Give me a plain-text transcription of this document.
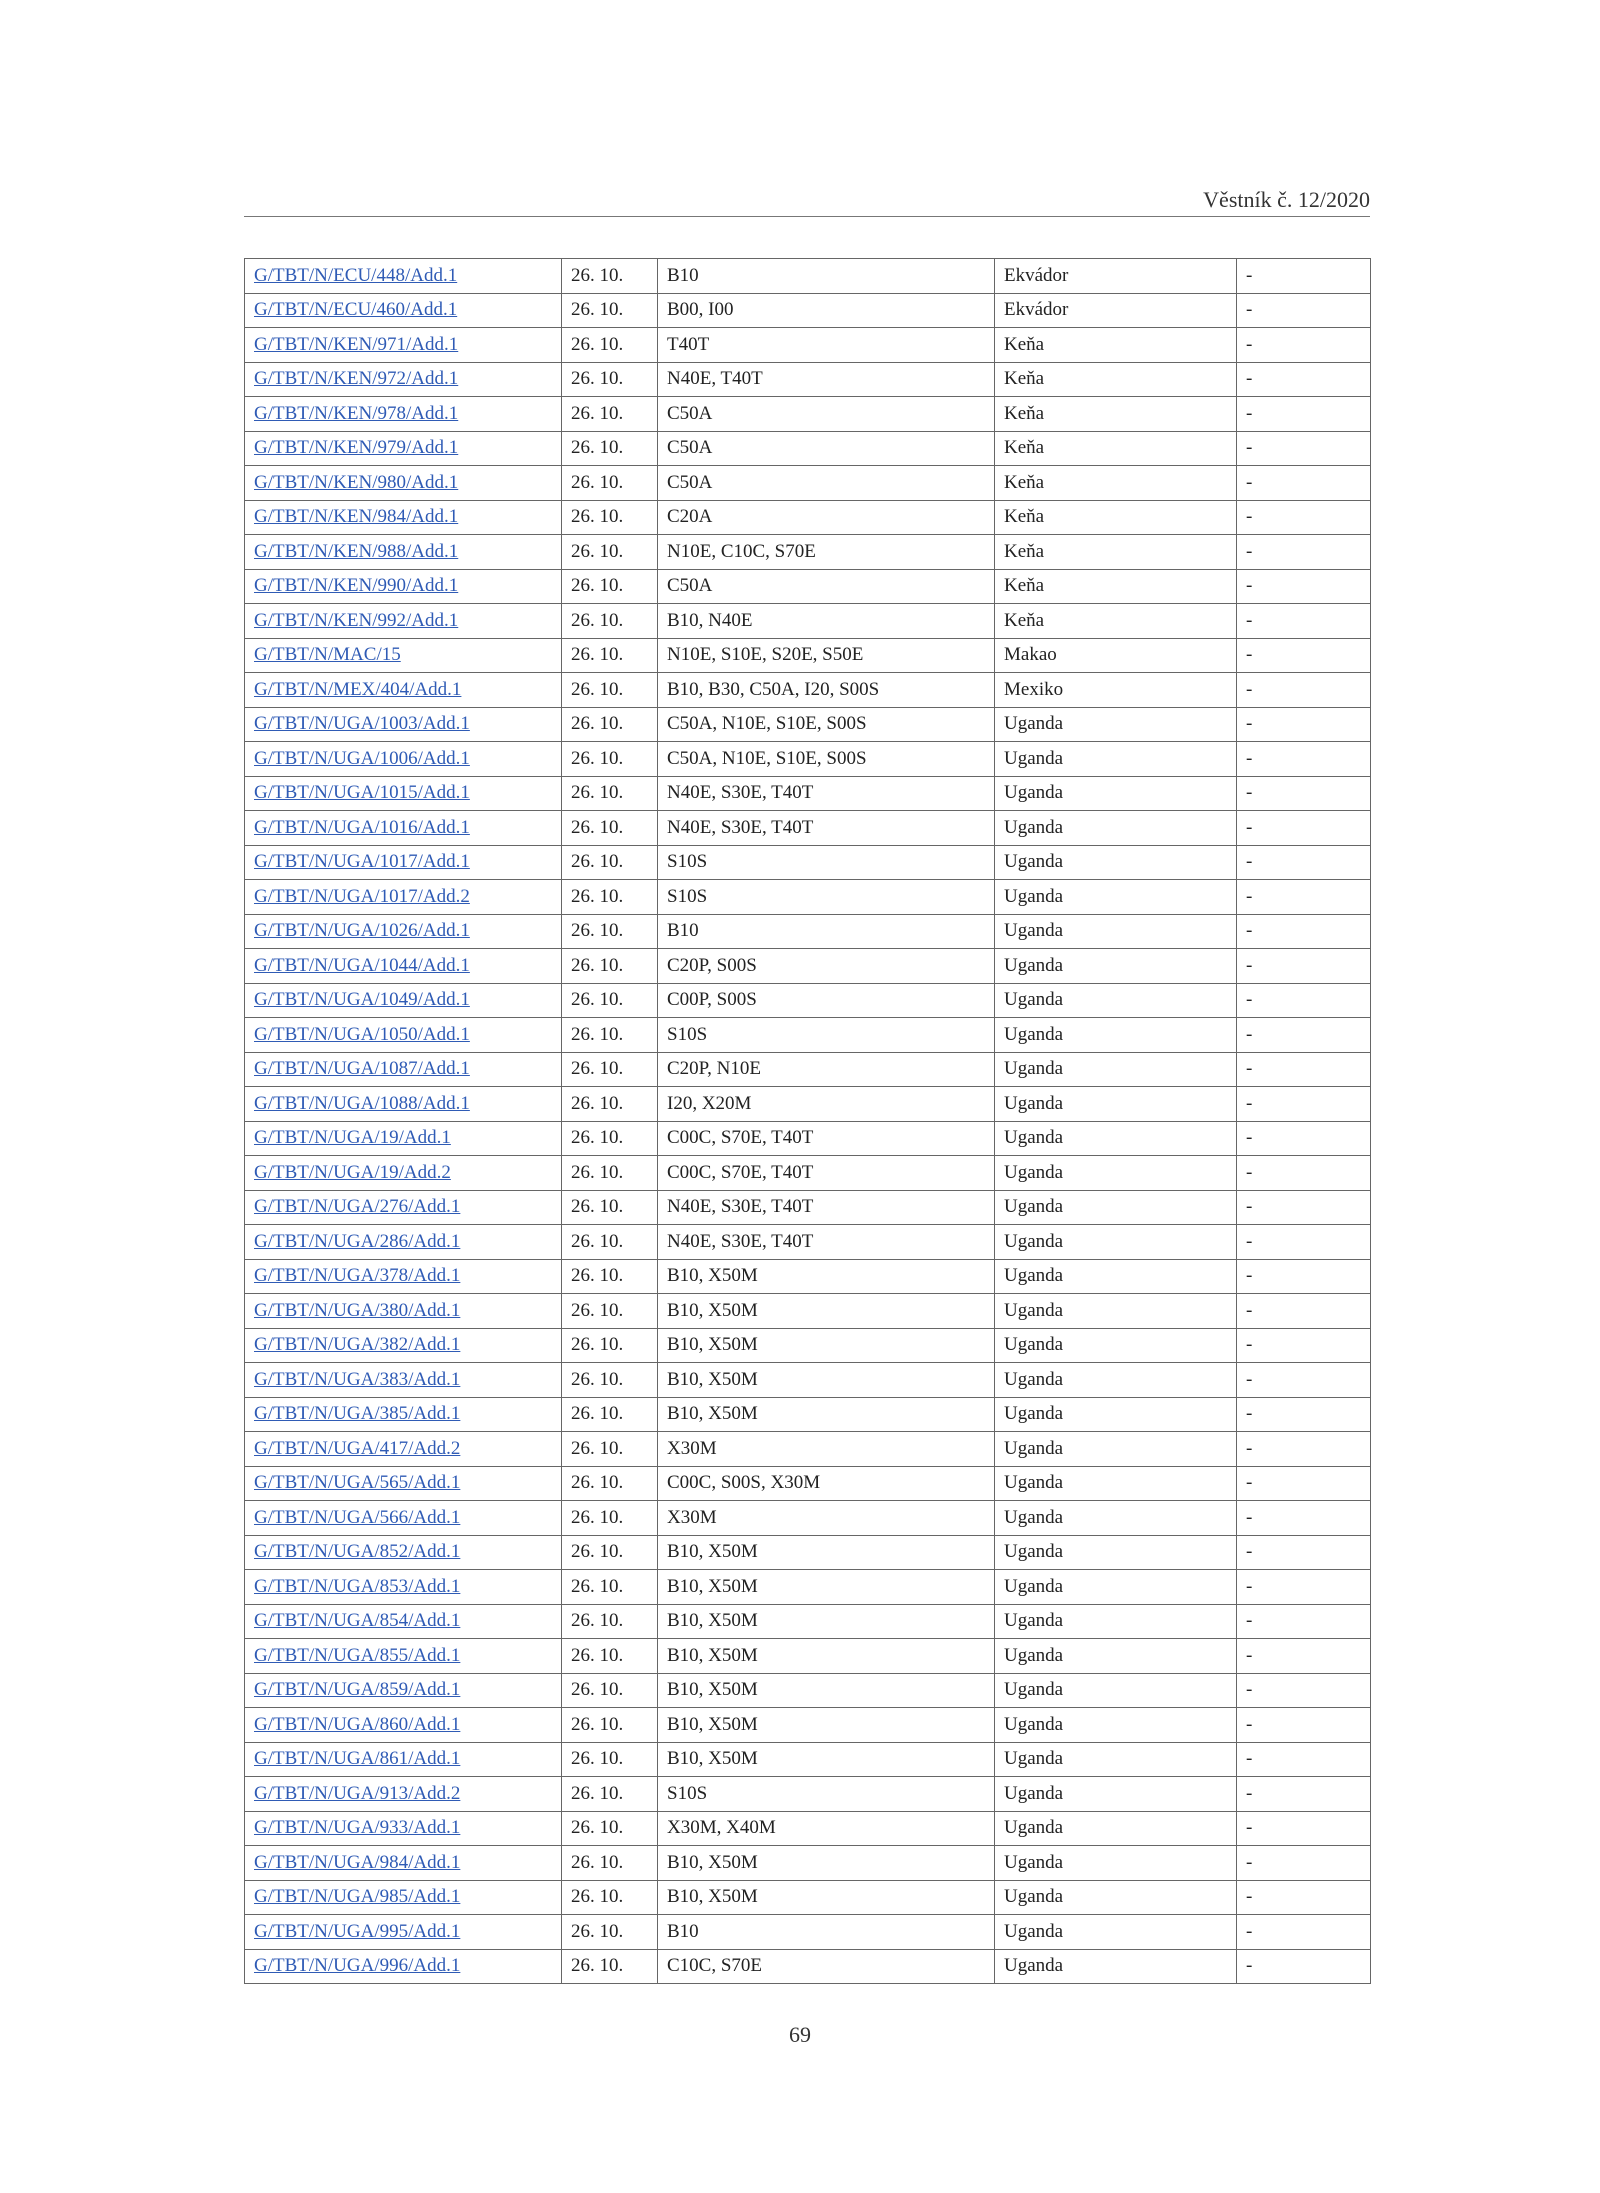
Věstník č. 12/2020
G/TBT/N/ECU/448/Add.1	26. 10.	B10	Ekvádor	-
G/TBT/N/ECU/460/Add.1	26. 10.	B00, I00	Ekvádor	-
G/TBT/N/KEN/971/Add.1	26. 10.	T40T	Keňa	-
G/TBT/N/KEN/972/Add.1	26. 10.	N40E, T40T	Keňa	-
G/TBT/N/KEN/978/Add.1	26. 10.	C50A	Keňa	-
G/TBT/N/KEN/979/Add.1	26. 10.	C50A	Keňa	-
G/TBT/N/KEN/980/Add.1	26. 10.	C50A	Keňa	-
G/TBT/N/KEN/984/Add.1	26. 10.	C20A	Keňa	-
G/TBT/N/KEN/988/Add.1	26. 10.	N10E, C10C, S70E	Keňa	-
G/TBT/N/KEN/990/Add.1	26. 10.	C50A	Keňa	-
G/TBT/N/KEN/992/Add.1	26. 10.	B10, N40E	Keňa	-
G/TBT/N/MAC/15	26. 10.	N10E, S10E, S20E, S50E	Makao	-
G/TBT/N/MEX/404/Add.1	26. 10.	B10, B30, C50A, I20, S00S	Mexiko	-
G/TBT/N/UGA/1003/Add.1	26. 10.	C50A, N10E, S10E, S00S	Uganda	-
G/TBT/N/UGA/1006/Add.1	26. 10.	C50A, N10E, S10E, S00S	Uganda	-
G/TBT/N/UGA/1015/Add.1	26. 10.	N40E, S30E, T40T	Uganda	-
G/TBT/N/UGA/1016/Add.1	26. 10.	N40E, S30E, T40T	Uganda	-
G/TBT/N/UGA/1017/Add.1	26. 10.	S10S	Uganda	-
G/TBT/N/UGA/1017/Add.2	26. 10.	S10S	Uganda	-
G/TBT/N/UGA/1026/Add.1	26. 10.	B10	Uganda	-
G/TBT/N/UGA/1044/Add.1	26. 10.	C20P, S00S	Uganda	-
G/TBT/N/UGA/1049/Add.1	26. 10.	C00P, S00S	Uganda	-
G/TBT/N/UGA/1050/Add.1	26. 10.	S10S	Uganda	-
G/TBT/N/UGA/1087/Add.1	26. 10.	C20P, N10E	Uganda	-
G/TBT/N/UGA/1088/Add.1	26. 10.	I20, X20M	Uganda	-
G/TBT/N/UGA/19/Add.1	26. 10.	C00C, S70E, T40T	Uganda	-
G/TBT/N/UGA/19/Add.2	26. 10.	C00C, S70E, T40T	Uganda	-
G/TBT/N/UGA/276/Add.1	26. 10.	N40E, S30E, T40T	Uganda	-
G/TBT/N/UGA/286/Add.1	26. 10.	N40E, S30E, T40T	Uganda	-
G/TBT/N/UGA/378/Add.1	26. 10.	B10, X50M	Uganda	-
G/TBT/N/UGA/380/Add.1	26. 10.	B10, X50M	Uganda	-
G/TBT/N/UGA/382/Add.1	26. 10.	B10, X50M	Uganda	-
G/TBT/N/UGA/383/Add.1	26. 10.	B10, X50M	Uganda	-
G/TBT/N/UGA/385/Add.1	26. 10.	B10, X50M	Uganda	-
G/TBT/N/UGA/417/Add.2	26. 10.	X30M	Uganda	-
G/TBT/N/UGA/565/Add.1	26. 10.	C00C, S00S, X30M	Uganda	-
G/TBT/N/UGA/566/Add.1	26. 10.	X30M	Uganda	-
G/TBT/N/UGA/852/Add.1	26. 10.	B10, X50M	Uganda	-
G/TBT/N/UGA/853/Add.1	26. 10.	B10, X50M	Uganda	-
G/TBT/N/UGA/854/Add.1	26. 10.	B10, X50M	Uganda	-
G/TBT/N/UGA/855/Add.1	26. 10.	B10, X50M	Uganda	-
G/TBT/N/UGA/859/Add.1	26. 10.	B10, X50M	Uganda	-
G/TBT/N/UGA/860/Add.1	26. 10.	B10, X50M	Uganda	-
G/TBT/N/UGA/861/Add.1	26. 10.	B10, X50M	Uganda	-
G/TBT/N/UGA/913/Add.2	26. 10.	S10S	Uganda	-
G/TBT/N/UGA/933/Add.1	26. 10.	X30M, X40M	Uganda	-
G/TBT/N/UGA/984/Add.1	26. 10.	B10, X50M	Uganda	-
G/TBT/N/UGA/985/Add.1	26. 10.	B10, X50M	Uganda	-
G/TBT/N/UGA/995/Add.1	26. 10.	B10	Uganda	-
G/TBT/N/UGA/996/Add.1	26. 10.	C10C, S70E	Uganda	-
69
